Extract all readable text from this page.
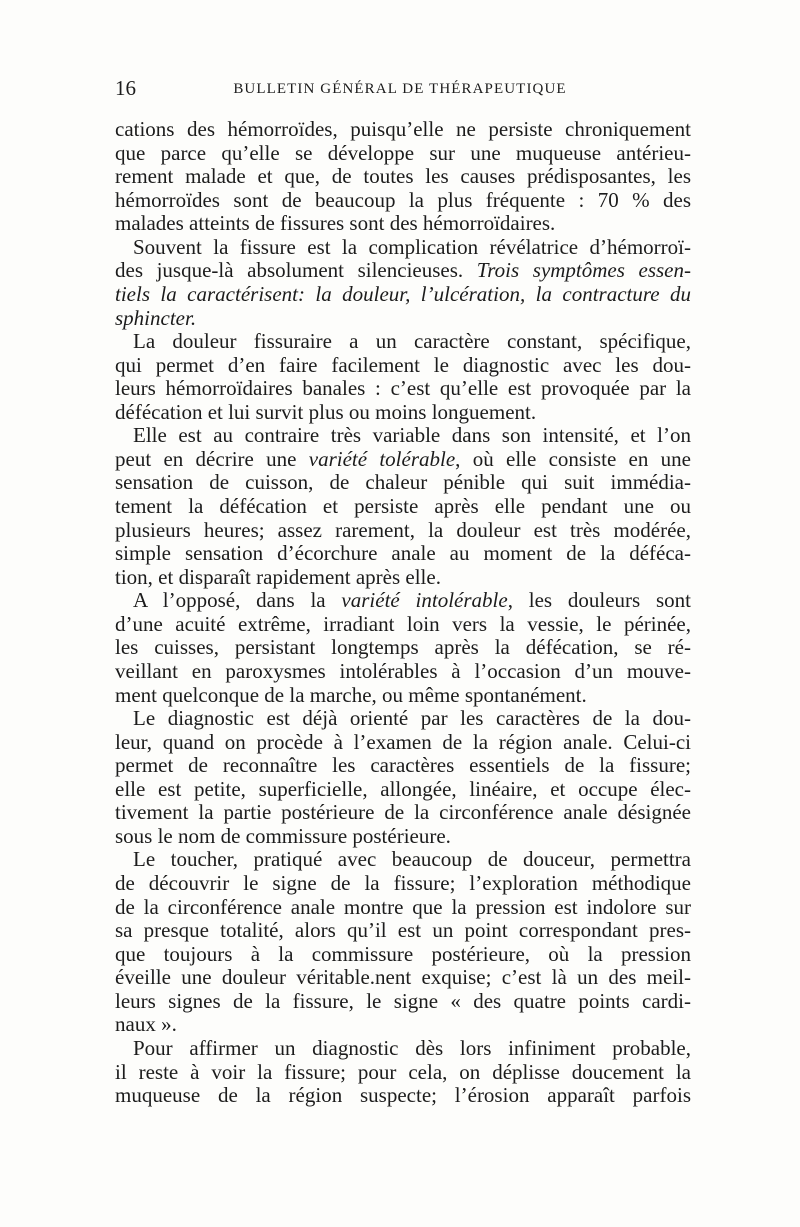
16	BULLETIN GÉNÉRAL DE THÉRAPEUTIQUE
cations des hémorroïdes, puisqu’elle ne persiste chroniquement
que parce qu’elle se développe sur une muqueuse antérieu-
rement malade et que, de toutes les causes prédisposantes, les
hémorroïdes sont de beaucoup la plus fréquente : 70 % des
malades atteints de fissures sont des hémorroïdaires.
Souvent la fissure est la complication révélatrice d’hémorroï-
des jusque-là absolument silencieuses. Trois symptômes essen-
tiels la caractérisent: la douleur, l’ulcération, la contracture du
sphincter.
La douleur fissuraire a un caractère constant, spécifique,
qui permet d’en faire facilement le diagnostic avec les dou-
leurs hémorroïdaires banales : c’est qu’elle est provoquée par la
défécation et lui survit plus ou moins longuement.
Elle est au contraire très variable dans son intensité, et l’on
peut en décrire une variété tolérable, où elle consiste en une
sensation de cuisson, de chaleur pénible qui suit immédia-
tement la défécation et persiste après elle pendant une ou
plusieurs heures; assez rarement, la douleur est très modérée,
simple sensation d’écorchure anale au moment de la déféca-
tion, et disparaît rapidement après elle.
A l’opposé, dans la variété intolérable, les douleurs sont
d’une acuité extrême, irradiant loin vers la vessie, le périnée,
les cuisses, persistant longtemps après la défécation, se ré-
veillant en paroxysmes intolérables à l’occasion d’un mouve-
ment quelconque de la marche, ou même spontanément.
Le diagnostic est déjà orienté par les caractères de la dou-
leur, quand on procède à l’examen de la région anale. Celui-ci
permet de reconnaître les caractères essentiels de la fissure;
elle est petite, superficielle, allongée, linéaire, et occupe élec-
tivement la partie postérieure de la circonférence anale désignée
sous le nom de commissure postérieure.
Le toucher, pratiqué avec beaucoup de douceur, permettra
de découvrir le signe de la fissure; l’exploration méthodique
de la circonférence anale montre que la pression est indolore sur
sa presque totalité, alors qu’il est un point correspondant pres-
que toujours à la commissure postérieure, où la pression
éveille une douleur véritable.nent exquise; c’est là un des meil-
leurs signes de la fissure, le signe « des quatre points cardi-
naux ».
Pour affirmer un diagnostic dès lors infiniment probable,
il reste à voir la fissure; pour cela, on déplisse doucement la
muqueuse de la région suspecte; l’érosion apparaît parfois
